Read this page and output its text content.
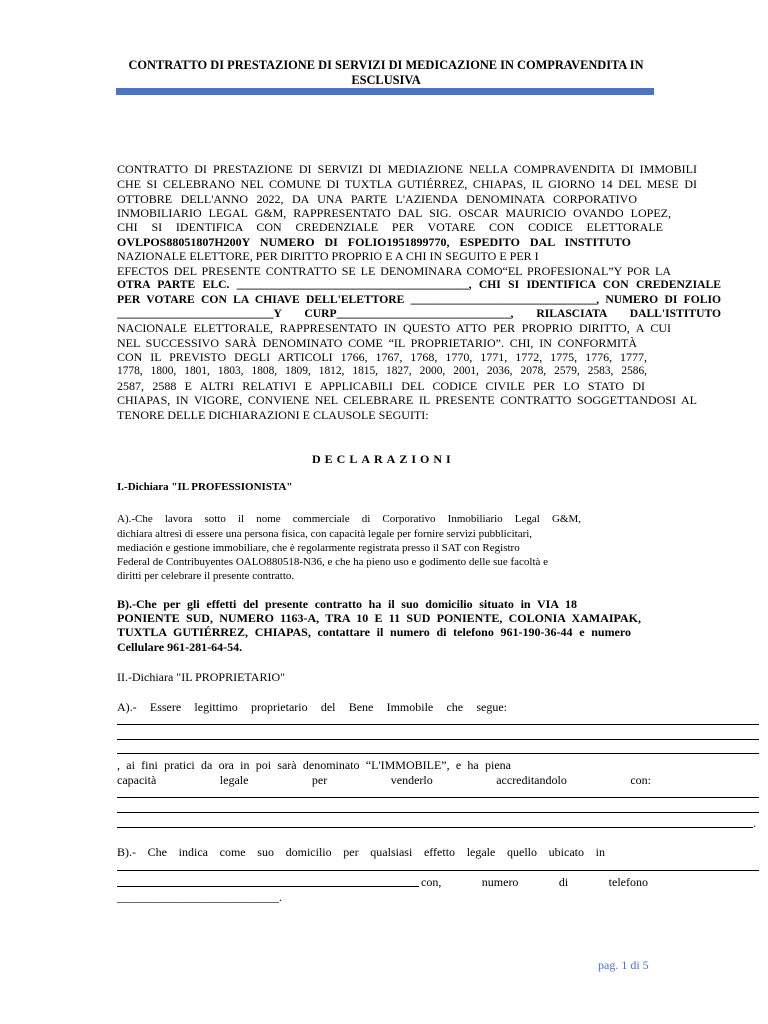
CONTRATTO DI PRESTAZIONE DI SERVIZI DI MEDICAZIONE IN COMPRAVENDITA IN ESCLUSIVA
CONTRATTO DI PRESTAZIONE DI SERVIZI DI MEDIAZIONE NELLA COMPRAVENDITA DI IMMOBILI
CHE SI CELEBRANO NEL COMUNE DI TUXTLA GUTIÉRREZ, CHIAPAS, IL GIORNO 14 DEL MESE DI
OTTOBRE DELL'ANNO 2022, DA UNA PARTE L'AZIENDA DENOMINATA CORPORATIVO
INMOBILIARIO LEGAL G&M, RAPPRESENTATO DAL SIG. OSCAR MAURICIO OVANDO LOPEZ,
CHI SI IDENTIFICA CON CREDENZIALE PER VOTARE CON CODICE ELETTORALE
OVLPOS88051807H200Y NUMERO DI FOLIO1951899770, ESPEDITO DAL INSTITUTO
NAZIONALE ELETTORE, PER DIRITTO PROPRIO E A CHI IN SEGUITO E PER I
EFECTOS DEL PRESENTE CONTRATTO SE LE DENOMINARA COMO“EL PROFESIONAL”Y POR LA
OTRA PARTE ELC. ________________________________________, CHI SI IDENTIFICA CON CREDENZIALE
PER VOTARE CON LA CHIAVE DELL'ELETTORE ________________________________, NUMERO DI FOLIO
___________________________Y CURP______________________________, RILASCIATA DALL'ISTITUTO
NACIONALE ELETTORALE, RAPPRESENTATO IN QUESTO ATTO PER PROPRIO DIRITTO, A CUI
NEL SUCCESSIVO SARÀ DENOMINATO COME “IL PROPRIETARIO”. CHI, IN CONFORMITÀ
CON IL PREVISTO DEGLI ARTICOLI 1766, 1767, 1768, 1770, 1771, 1772, 1775, 1776, 1777,
1778, 1800, 1801, 1803, 1808, 1809, 1812, 1815, 1827, 2000, 2001, 2036, 2078, 2579, 2583, 2586,
2587, 2588 E ALTRI RELATIVI E APPLICABILI DEL CODICE CIVILE PER LO STATO DI
CHIAPAS, IN VIGORE, CONVIENE NEL CELEBRARE IL PRESENTE CONTRATTO SOGGETTANDOSI AL
TENORE DELLE DICHIARAZIONI E CLAUSOLE SEGUITI:
DECLARAZIONI
I.-Dichiara "IL PROFESSIONISTA"
A).-Che lavora sotto il nome commerciale di Corporativo Inmobiliario Legal G&M,
dichiara altresì di essere una persona fisica, con capacità legale per fornire servizi pubblicitari,
mediación e gestione immobiliare, che è regolarmente registrata presso il SAT con Registro
Federal de Contribuyentes OALO880518-N36, e che ha pieno uso e godimento delle sue facoltà e
diritti per celebrare il presente contratto.
B).-Che per gli effetti del presente contratto ha il suo domicilio situato in VIA 18
PONIENTE SUD, NUMERO 1163-A, TRA 10 E 11 SUD PONIENTE, COLONIA XAMAIPAK,
TUXTLA GUTIÉRREZ, CHIAPAS, contattare il numero di telefono 961-190-36-44 e numero
Cellulare 961-281-64-54.
II.-Dichiara "IL PROPRIETARIO"
A).- Essere legittimo proprietario del Bene Immobile che segue:
, ai fini pratici da ora in poi sarà denominato “L'IMMOBILE”, e ha piena
capacità legale per venderlo accreditandolo con:
.
B).- Che indica come suo domicilio per qualsiasi effetto legale quello ubicato in
con, numero di telefono
___________________________.
pag. 1 di 5
